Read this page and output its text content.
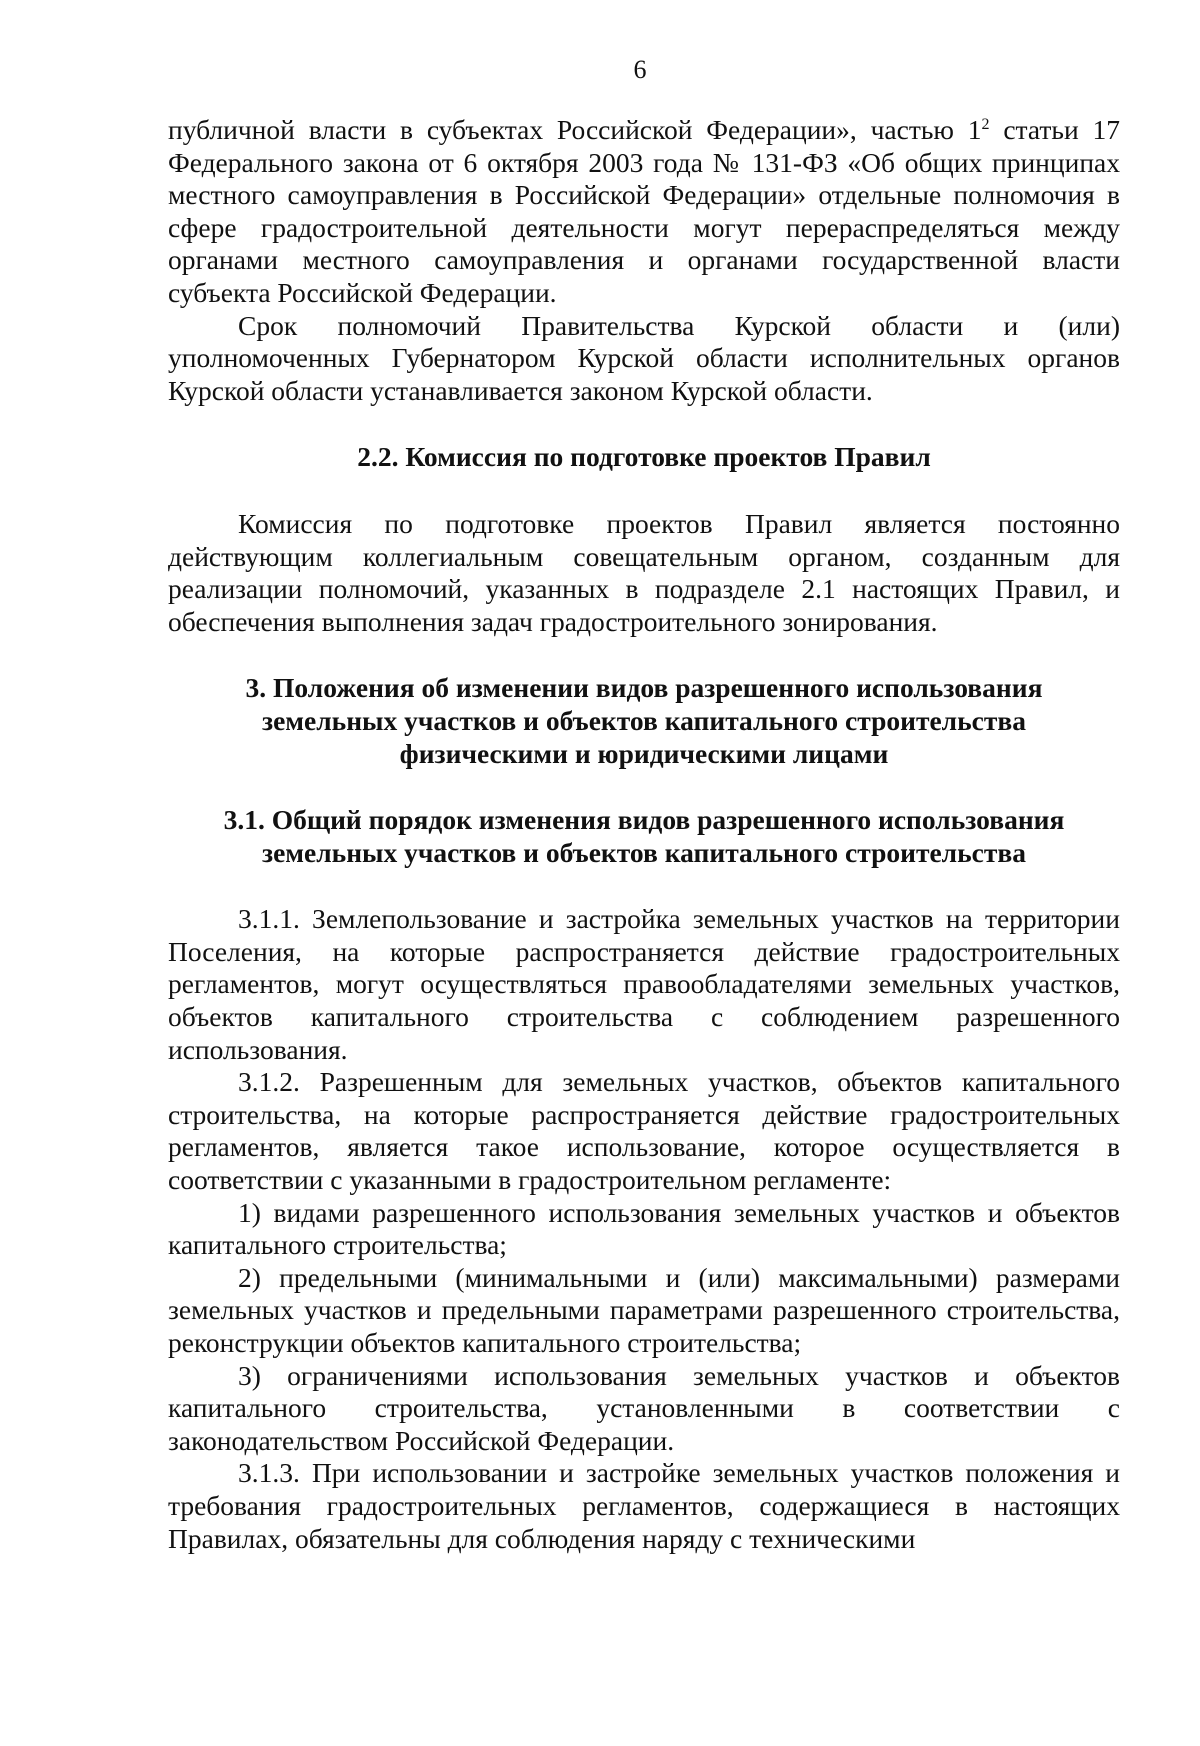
6

публичной власти в субъектах Российской Федерации», частью $1^2$ статьи 17 Федерального закона от 6 октября 2003 года № 131-ФЗ «Об общих принципах местного самоуправления в Российской Федерации» отдельные полномочия в сфере градостроительной деятельности могут перераспределяться между органами местного самоуправления и органами государственной власти субъекта Российской Федерации.

Срок полномочий Правительства Курской области и (или) уполномоченных Губернатором Курской области исполнительных органов Курской области устанавливается законом Курской области.

2.2. Комиссия по подготовке проектов Правил

Комиссия по подготовке проектов Правил является постоянно действующим коллегиальным совещательным органом, созданным для реализации полномочий, указанных в подразделе 2.1 настоящих Правил, и обеспечения выполнения задач градостроительного зонирования.

3. Положения об изменении видов разрешенного использования

земельных участков и объектов капитального строительства

физическими и юридическими лицами

3.1. Общий порядок изменения видов разрешенного использования

земельных участков и объектов капитального строительства

3.1.1. Землепользование и застройка земельных участков на территории Поселения, на которые распространяется действие градостроительных регламентов, могут осуществляться правообладателями земельных участков, объектов капитального строительства с соблюдением разрешенного использования.

3.1.2. Разрешенным для земельных участков, объектов капитального строительства, на которые распространяется действие градостроительных регламентов, является такое использование, которое осуществляется в соответствии с указанными в градостроительном регламенте:

1) видами разрешенного использования земельных участков и объектов капитального строительства;

2) предельными (минимальными и (или) максимальными) размерами земельных участков и предельными параметрами разрешенного строительства, реконструкции объектов капитального строительства;

3) ограничениями использования земельных участков и объектов капитального строительства, установленными в соответствии с законодательством Российской Федерации.

3.1.3. При использовании и застройке земельных участков положения и требования градостроительных регламентов, содержащиеся в настоящих Правилах, обязательны для соблюдения наряду с техническими
